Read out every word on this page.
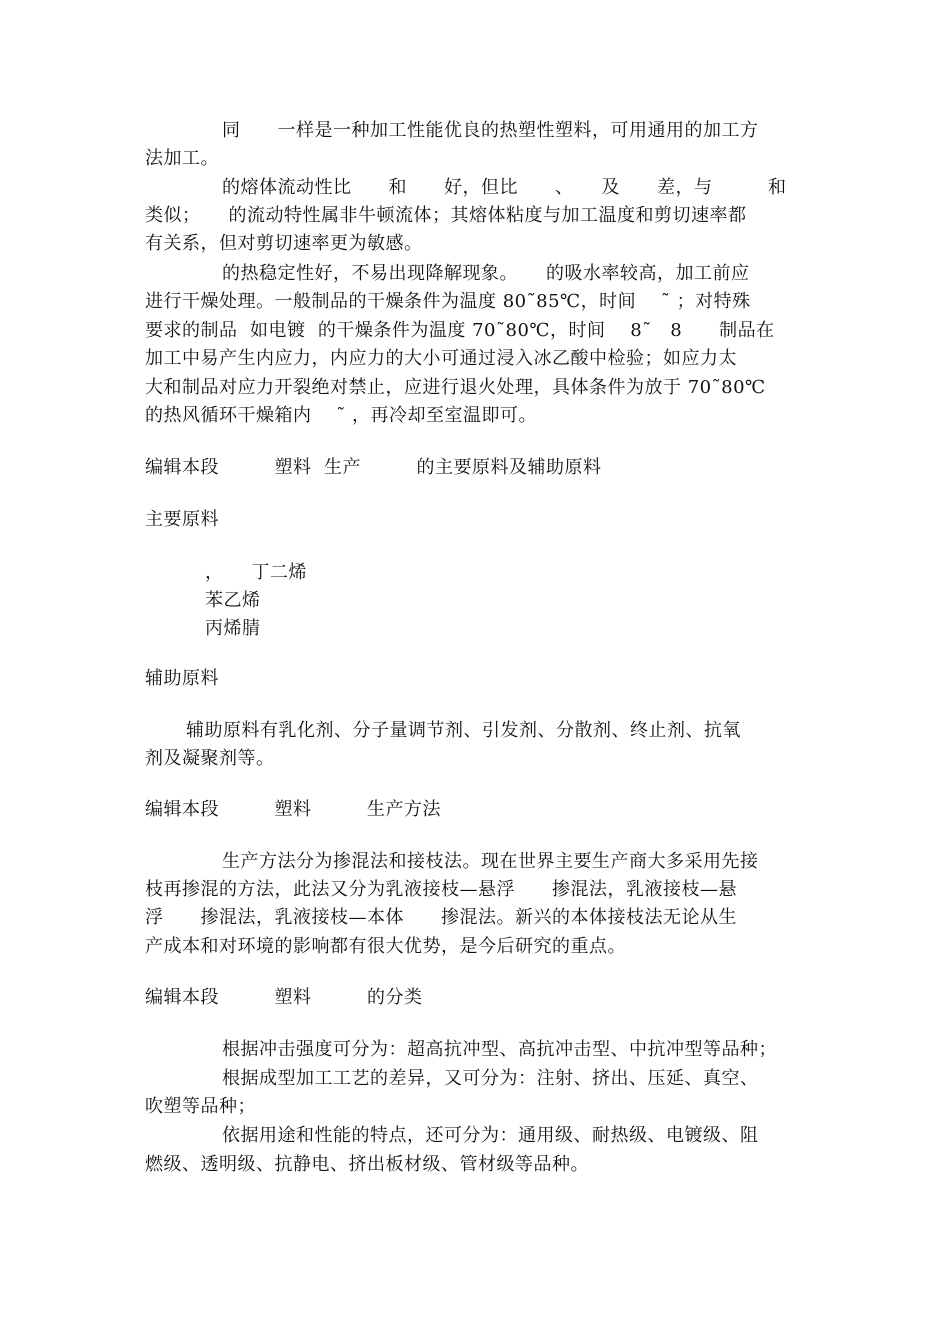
同　　一样是一种加工性能优良的热塑性塑料，可用通用的加工方
法加工。
的熔体流动性比　　和　　好，但比　　、　　及　　差，与　　　和
类似；　　的流动特性属非牛顿流体；其熔体粘度与加工温度和剪切速率都
有关系，但对剪切速率更为敏感。
的热稳定性好，不易出现降解现象。　　的吸水率较高，加工前应
进行干燥处理。一般制品的干燥条件为温度 80˜85℃，时间　 ˜ ；对特殊
要求的制品  如电镀  的干燥条件为温度 70˜80℃，时间　 8˜　8　　制品在
加工中易产生内应力，内应力的大小可通过浸入冰乙酸中检验；如应力太
大和制品对应力开裂绝对禁止，应进行退火处理，具体条件为放于 70˜80℃
的热风循环干燥箱内　 ˜ ，再冷却至室温即可。
编辑本段　　　塑料  生产　　　的主要原料及辅助原料
主要原料
，　　丁二烯
苯乙烯
丙烯腈
辅助原料
辅助原料有乳化剂、分子量调节剂、引发剂、分散剂、终止剂、抗氧
剂及凝聚剂等。
编辑本段　　　塑料　　　生产方法
生产方法分为掺混法和接枝法。现在世界主要生产商大多采用先接
枝再掺混的方法，此法又分为乳液接枝—悬浮　　掺混法，乳液接枝—悬
浮　　掺混法，乳液接枝—本体　　掺混法。新兴的本体接枝法无论从生
产成本和对环境的影响都有很大优势，是今后研究的重点。
编辑本段　　　塑料　　　的分类
根据冲击强度可分为：超高抗冲型、高抗冲击型、中抗冲型等品种；
根据成型加工工艺的差异，又可分为：注射、挤出、压延、真空、
吹塑等品种；
依据用途和性能的特点，还可分为：通用级、耐热级、电镀级、阻
燃级、透明级、抗静电、挤出板材级、管材级等品种。
